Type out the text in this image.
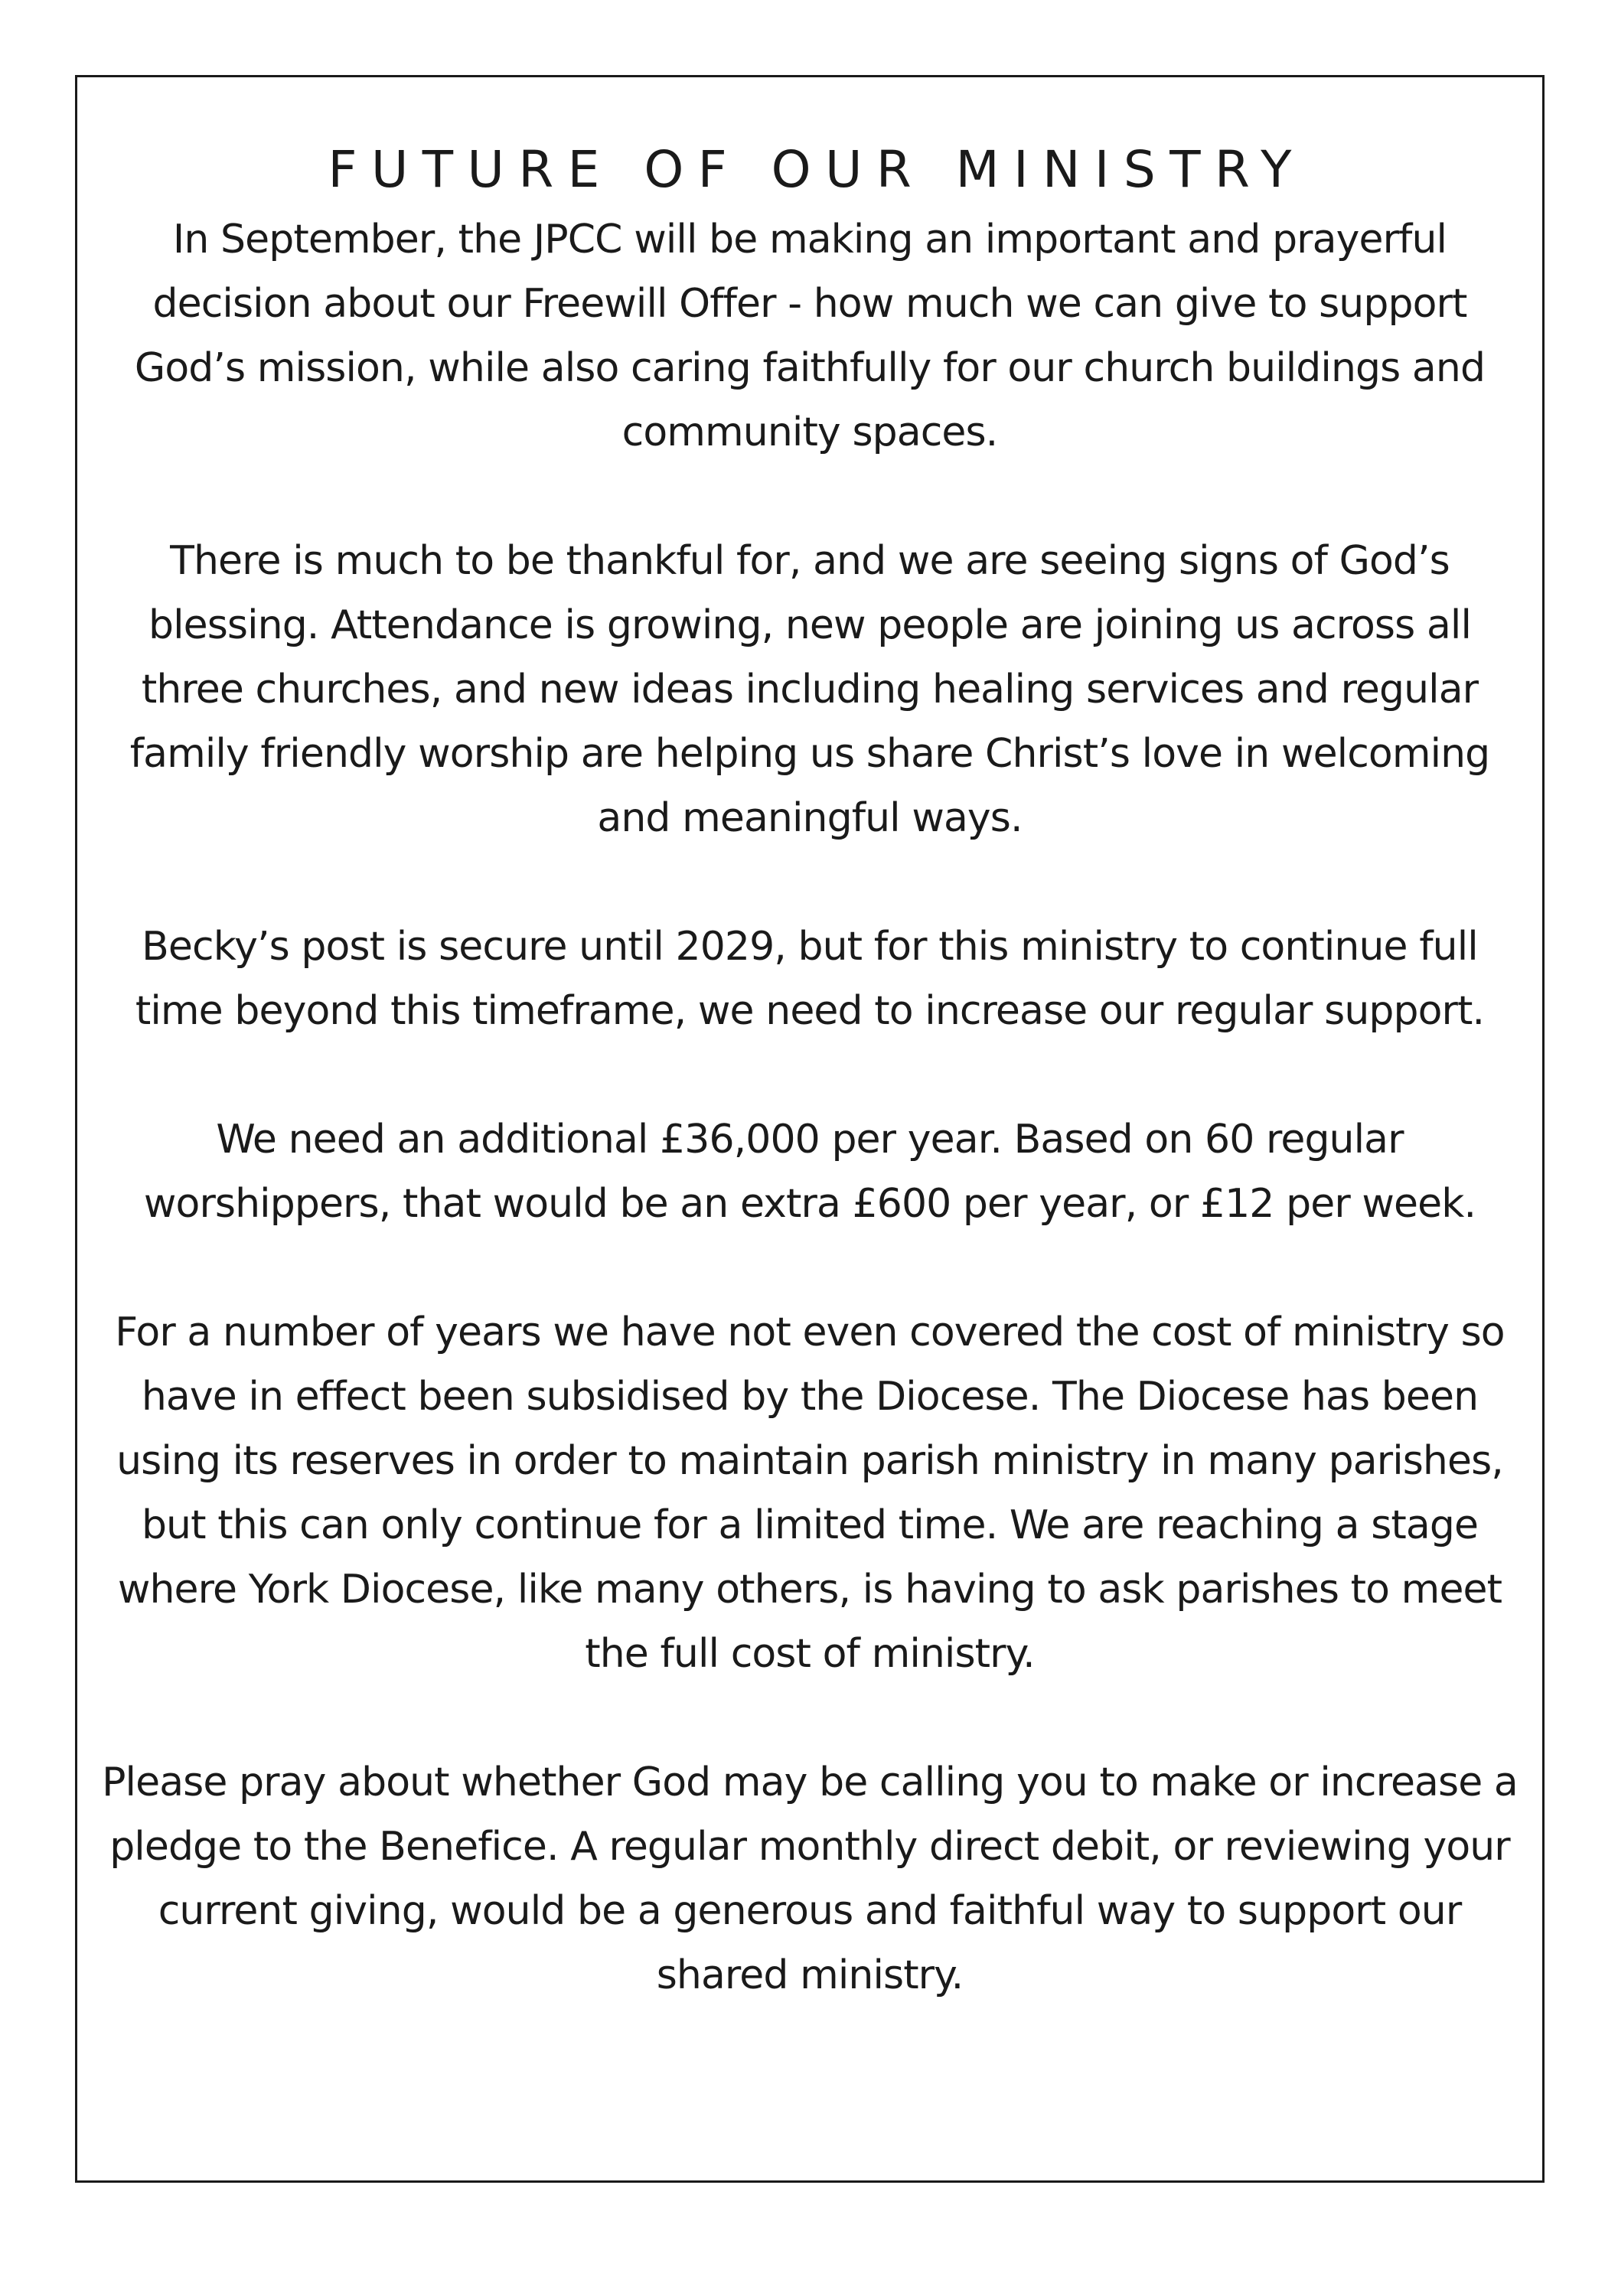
FUTURE OF OUR MINISTRY

In September, the JPCC will be making an important and prayerful decision about our Freewill Offer - how much we can give to support God’s mission, while also caring faithfully for our church buildings and community spaces.

There is much to be thankful for, and we are seeing signs of God’s blessing. Attendance is growing, new people are joining us across all three churches, and new ideas including healing services and regular family friendly worship are helping us share Christ’s love in welcoming and meaningful ways.

Becky’s post is secure until 2029, but for this ministry to continue full time beyond this timeframe, we need to increase our regular support.

We need an additional £36,000 per year. Based on 60 regular worshippers, that would be an extra £600 per year, or £12 per week.

For a number of years we have not even covered the cost of ministry so have in effect been subsidised by the Diocese. The Diocese has been using its reserves in order to maintain parish ministry in many parishes, but this can only continue for a limited time. We are reaching a stage where York Diocese, like many others, is having to ask parishes to meet the full cost of ministry.

Please pray about whether God may be calling you to make or increase a pledge to the Benefice. A regular monthly direct debit, or reviewing your current giving, would be a generous and faithful way to support our shared ministry.
